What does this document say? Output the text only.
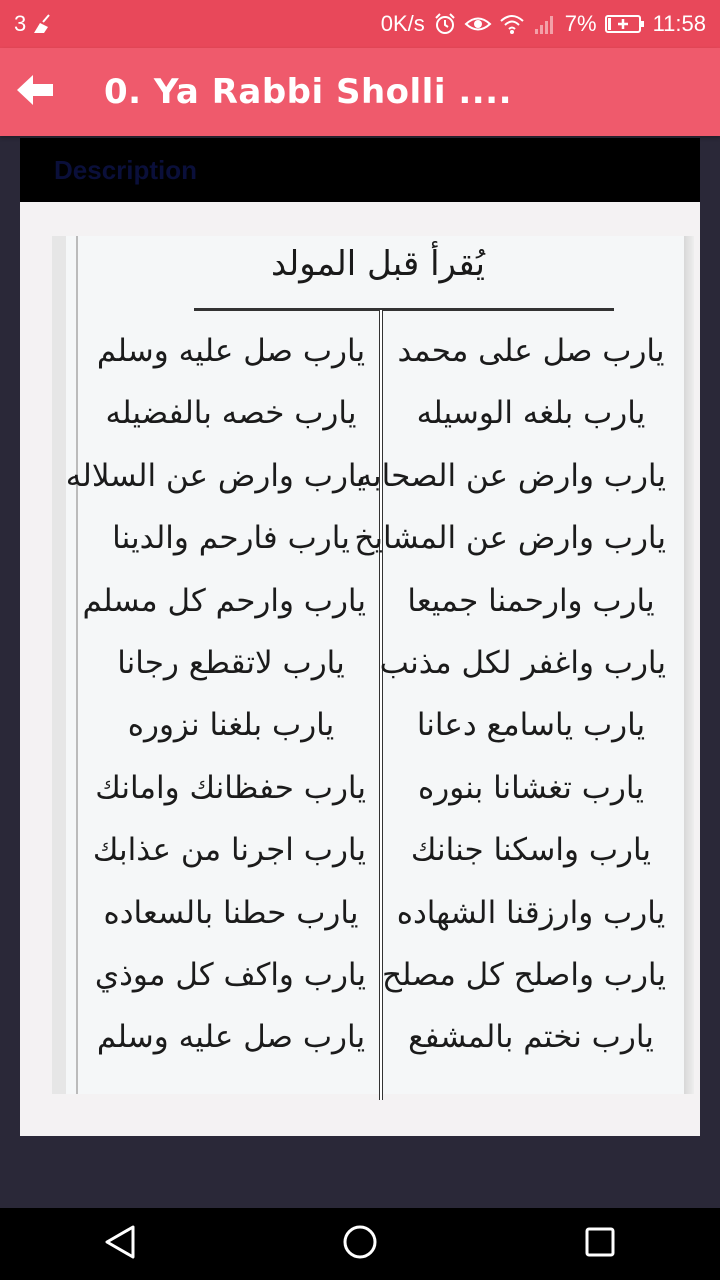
3	0K/s	7%	11:58
0. Ya Rabbi Sholli ....
Description
يُقرأ قبل المولد
يارب صل على محمد
يارب بلغه الوسيله
يارب وارض عن الصحابه
يارب وارض عن المشايخ
يارب وارحمنا جميعا
يارب واغفر لكل مذنب
يارب ياسامع دعانا
يارب تغشانا بنوره
يارب واسكنا جنانك
يارب وارزقنا الشهاده
يارب واصلح كل مصلح
يارب نختم بالمشفع
يارب صل عليه وسلم
يارب خصه بالفضيله
يارب وارض عن السلاله
يارب فارحم والدينا
يارب وارحم كل مسلم
يارب لاتقطع رجانا
يارب بلغنا نزوره
يارب حفظانك وامانك
يارب اجرنا من عذابك
يارب حطنا بالسعاده
يارب واكف كل موذي
يارب صل عليه وسلم
